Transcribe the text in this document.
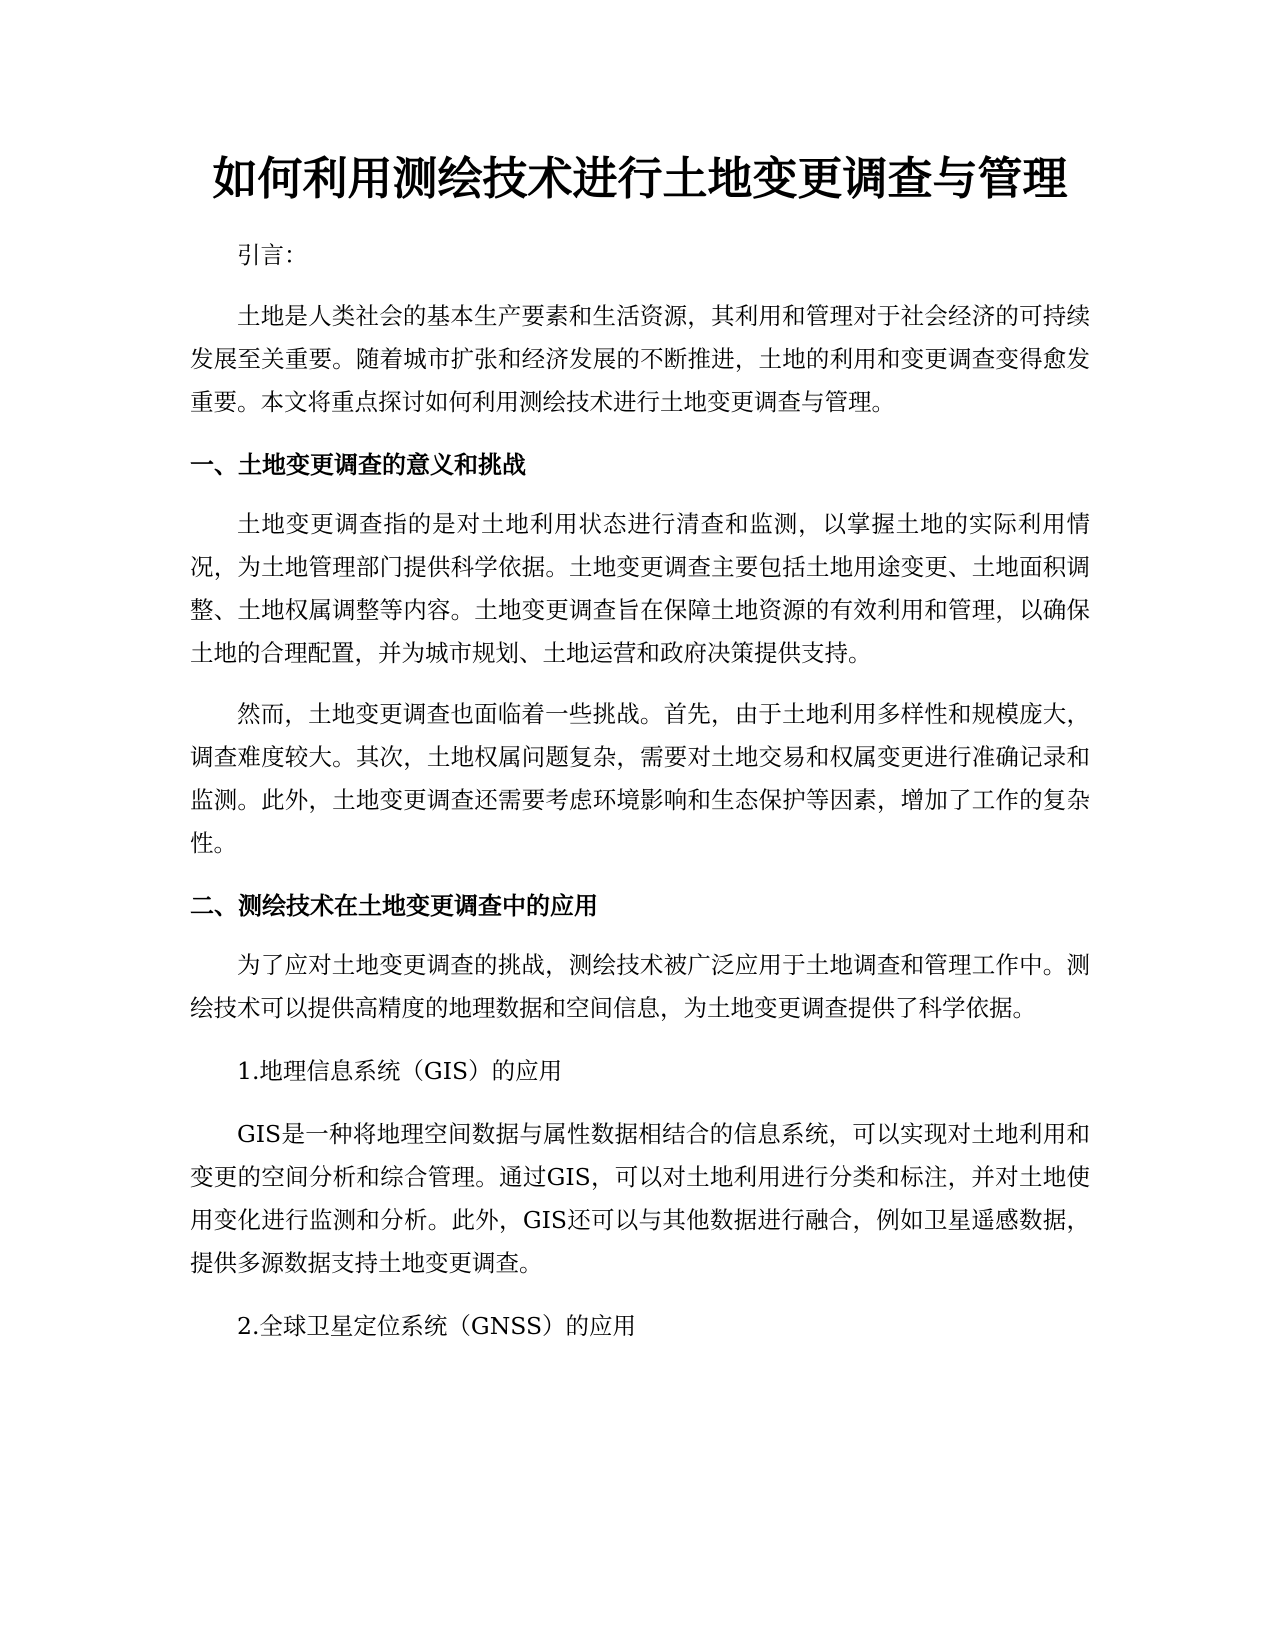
如何利用测绘技术进行土地变更调查与管理

引言：

土地是人类社会的基本生产要素和生活资源，其利用和管理对于社会经济的可持续发展至关重要。随着城市扩张和经济发展的不断推进，土地的利用和变更调查变得愈发重要。本文将重点探讨如何利用测绘技术进行土地变更调查与管理。

一、土地变更调查的意义和挑战

土地变更调查指的是对土地利用状态进行清查和监测，以掌握土地的实际利用情况，为土地管理部门提供科学依据。土地变更调查主要包括土地用途变更、土地面积调整、土地权属调整等内容。土地变更调查旨在保障土地资源的有效利用和管理，以确保土地的合理配置，并为城市规划、土地运营和政府决策提供支持。

然而，土地变更调查也面临着一些挑战。首先，由于土地利用多样性和规模庞大，调查难度较大。其次，土地权属问题复杂，需要对土地交易和权属变更进行准确记录和监测。此外，土地变更调查还需要考虑环境影响和生态保护等因素，增加了工作的复杂性。

二、测绘技术在土地变更调查中的应用

为了应对土地变更调查的挑战，测绘技术被广泛应用于土地调查和管理工作中。测绘技术可以提供高精度的地理数据和空间信息，为土地变更调查提供了科学依据。

1.地理信息系统（GIS）的应用

GIS是一种将地理空间数据与属性数据相结合的信息系统，可以实现对土地利用和变更的空间分析和综合管理。通过GIS，可以对土地利用进行分类和标注，并对土地使用变化进行监测和分析。此外，GIS还可以与其他数据进行融合，例如卫星遥感数据，提供多源数据支持土地变更调查。

2.全球卫星定位系统（GNSS）的应用
